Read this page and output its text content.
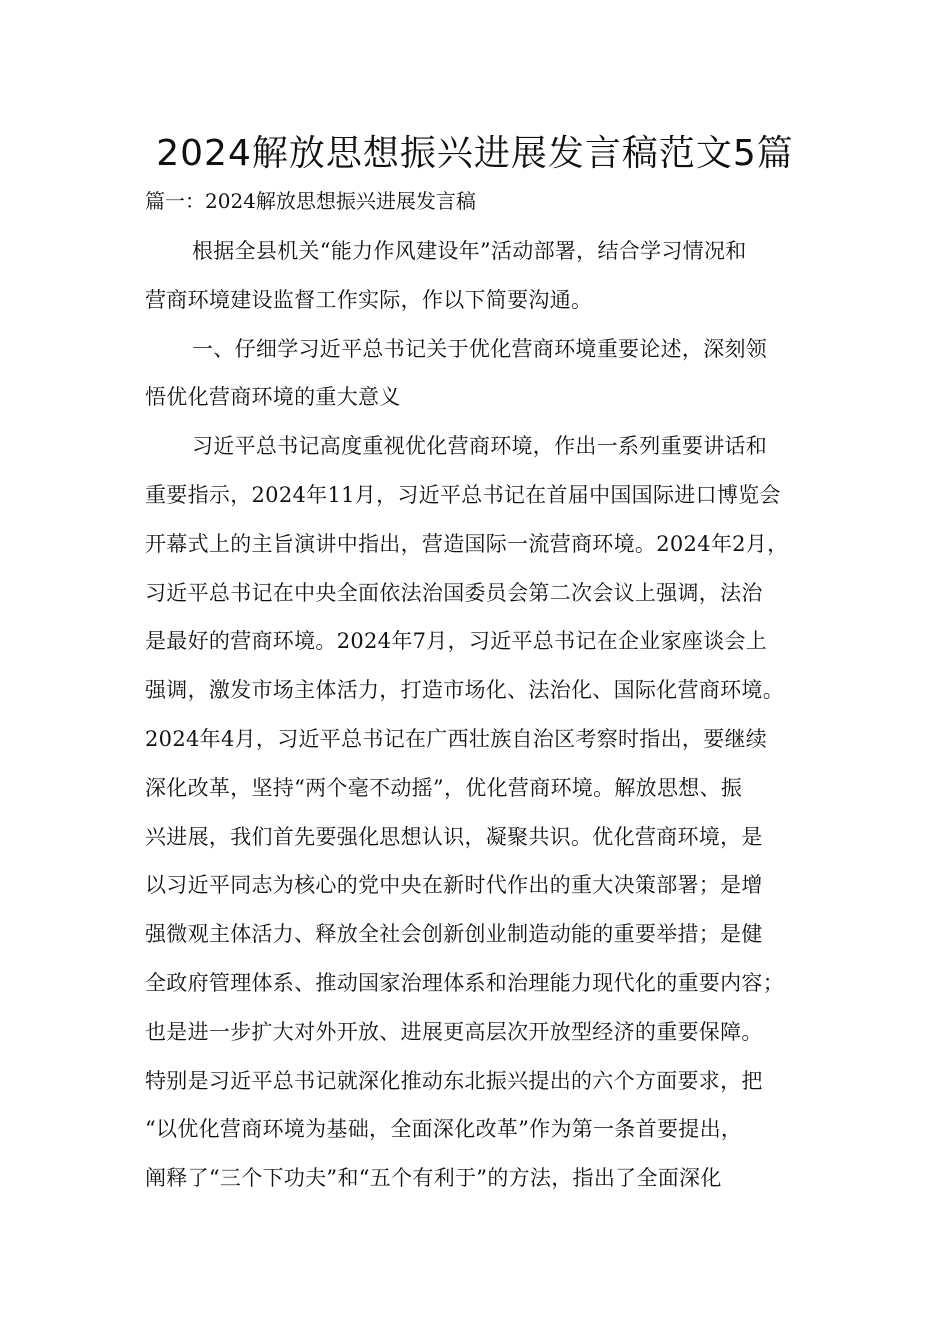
2024解放思想振兴进展发言稿范文5篇

篇一：2024解放思想振兴进展发言稿

根据全县机关“能力作风建设年”活动部署，结合学习情况和
营商环境建设监督工作实际，作以下简要沟通。
一、仔细学习近平总书记关于优化营商环境重要论述，深刻领
悟优化营商环境的重大意义
习近平总书记高度重视优化营商环境，作出一系列重要讲话和
重要指示，2024年11月，习近平总书记在首届中国国际进口博览会
开幕式上的主旨演讲中指出，营造国际一流营商环境。2024年2月，
习近平总书记在中央全面依法治国委员会第二次会议上强调，法治
是最好的营商环境。2024年7月，习近平总书记在企业家座谈会上
强调，激发市场主体活力，打造市场化、法治化、国际化营商环境。
2024年4月，习近平总书记在广西壮族自治区考察时指出，要继续
深化改革，坚持“两个毫不动摇”，优化营商环境。解放思想、振
兴进展，我们首先要强化思想认识，凝聚共识。优化营商环境，是
以习近平同志为核心的党中央在新时代作出的重大决策部署；是增
强微观主体活力、释放全社会创新创业制造动能的重要举措；是健
全政府管理体系、推动国家治理体系和治理能力现代化的重要内容；
也是进一步扩大对外开放、进展更高层次开放型经济的重要保障。
特别是习近平总书记就深化推动东北振兴提出的六个方面要求，把
“以优化营商环境为基础，全面深化改革”作为第一条首要提出，
阐释了“三个下功夫”和“五个有利于”的方法，指出了全面深化
